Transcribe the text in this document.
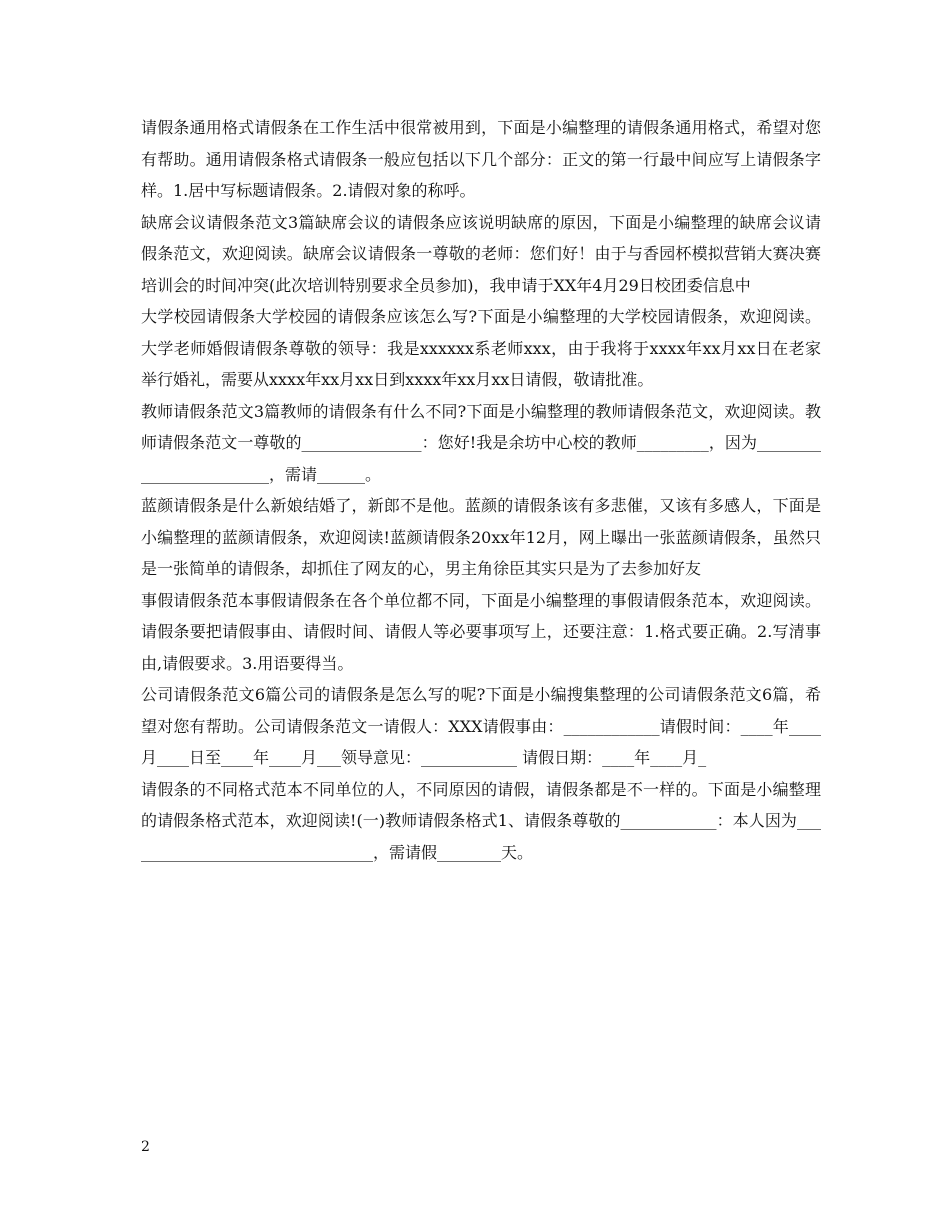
请假条通用格式请假条在工作生活中很常被用到，下面是小编整理的请假条通用格式，希望对您有帮助。通用请假条格式请假条一般应包括以下几个部分：正文的第一行最中间应写上请假条字样。1.居中写标题请假条。2.请假对象的称呼。

缺席会议请假条范文3篇缺席会议的请假条应该说明缺席的原因，下面是小编整理的缺席会议请假条范文，欢迎阅读。缺席会议请假条一尊敬的老师：您们好！由于与香园杯模拟营销大赛决赛培训会的时间冲突(此次培训特别要求全员参加)，我申请于XX年4月29日校团委信息中

大学校园请假条大学校园的请假条应该怎么写?下面是小编整理的大学校园请假条，欢迎阅读。大学老师婚假请假条尊敬的领导：我是xxxxxx系老师xxx，由于我将于xxxx年xx月xx日在老家举行婚礼，需要从xxxx年xx月xx日到xxxx年xx月xx日请假，敬请批准。

教师请假条范文3篇教师的请假条有什么不同?下面是小编整理的教师请假条范文，欢迎阅读。教师请假条范文一尊敬的_______________：您好!我是余坊中心校的教师_________，因为________________________，需请______。

蓝颜请假条是什么新娘结婚了，新郎不是他。蓝颜的请假条该有多悲催，又该有多感人，下面是小编整理的蓝颜请假条，欢迎阅读!蓝颜请假条20xx年12月，网上曝出一张蓝颜请假条，虽然只是一张简单的请假条，却抓住了网友的心，男主角徐臣其实只是为了去参加好友

事假请假条范本事假请假条在各个单位都不同，下面是小编整理的事假请假条范本，欢迎阅读。请假条要把请假事由、请假时间、请假人等必要事项写上，还要注意：1.格式要正确。2.写清事由,请假要求。3.用语要得当。

公司请假条范文6篇公司的请假条是怎么写的呢?下面是小编搜集整理的公司请假条范文6篇，希望对您有帮助。公司请假条范文一请假人：XXX请假事由：____________请假时间：____年____月____日至____年____月___领导意见：____________ 请假日期：____年____月_

请假条的不同格式范本不同单位的人，不同原因的请假，请假条都是不一样的。下面是小编整理的请假条格式范本，欢迎阅读!(一)教师请假条格式1、请假条尊敬的____________：本人因为________________________________，需请假________天。

2
